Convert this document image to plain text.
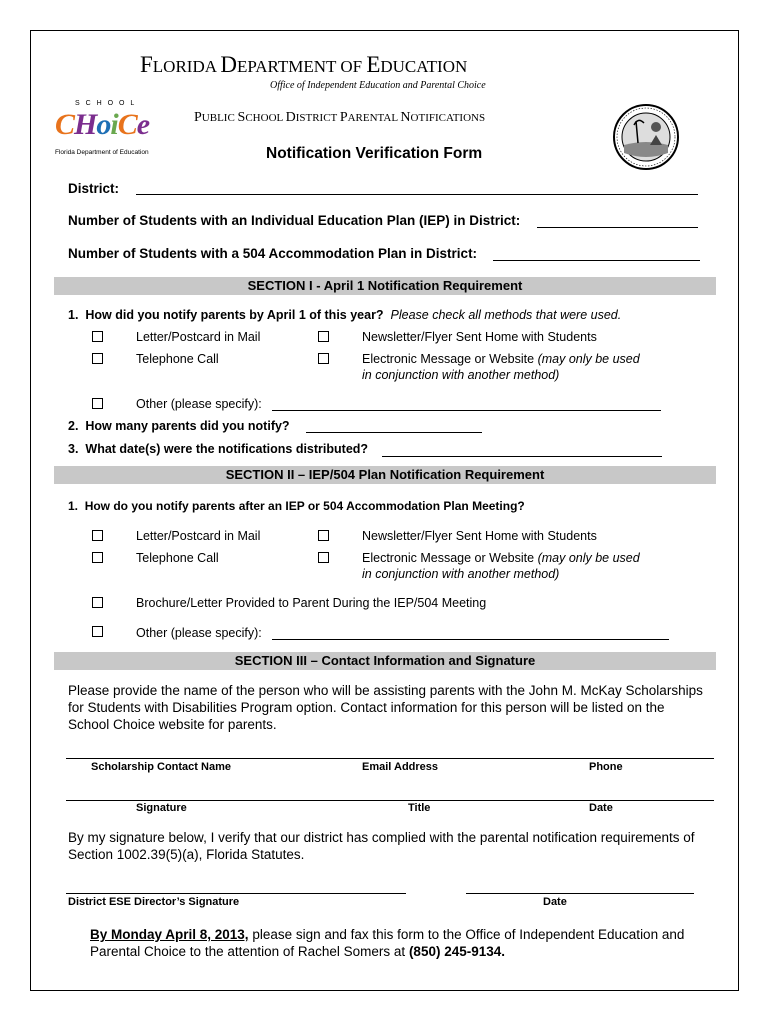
FLORIDA DEPARTMENT OF EDUCATION
Office of Independent Education and Parental Choice
PUBLIC SCHOOL DISTRICT PARENTAL NOTIFICATIONS
Notification Verification Form
S C H O O L
CHoiCe
Florida Department of Education
District:
Number of Students with an Individual Education Plan (IEP) in District:
Number of Students with a 504 Accommodation Plan in District:
SECTION I - April 1 Notification Requirement
1. How did you notify parents by April 1 of this year? Please check all methods that were used.
Letter/Postcard in Mail	Newsletter/Flyer Sent Home with Students
Telephone Call	Electronic Message or Website (may only be used
in conjunction with another method)
Other (please specify):
2. How many parents did you notify?
3. What date(s) were the notifications distributed?
SECTION II – IEP/504 Plan Notification Requirement
1. How do you notify parents after an IEP or 504 Accommodation Plan Meeting?
Letter/Postcard in Mail	Newsletter/Flyer Sent Home with Students
Telephone Call	Electronic Message or Website (may only be used
in conjunction with another method)
Brochure/Letter Provided to Parent During the IEP/504 Meeting
Other (please specify):
SECTION III – Contact Information and Signature
Please provide the name of the person who will be assisting parents with the John M. McKay Scholarships for Students with Disabilities Program option. Contact information for this person will be listed on the School Choice website for parents.
Scholarship Contact Name	Email Address	Phone
Signature	Title	Date
By my signature below, I verify that our district has complied with the parental notification requirements of Section 1002.39(5)(a), Florida Statutes.
District ESE Director’s Signature	Date
By Monday April 8, 2013, please sign and fax this form to the Office of Independent Education and Parental Choice to the attention of Rachel Somers at (850) 245-9134.
